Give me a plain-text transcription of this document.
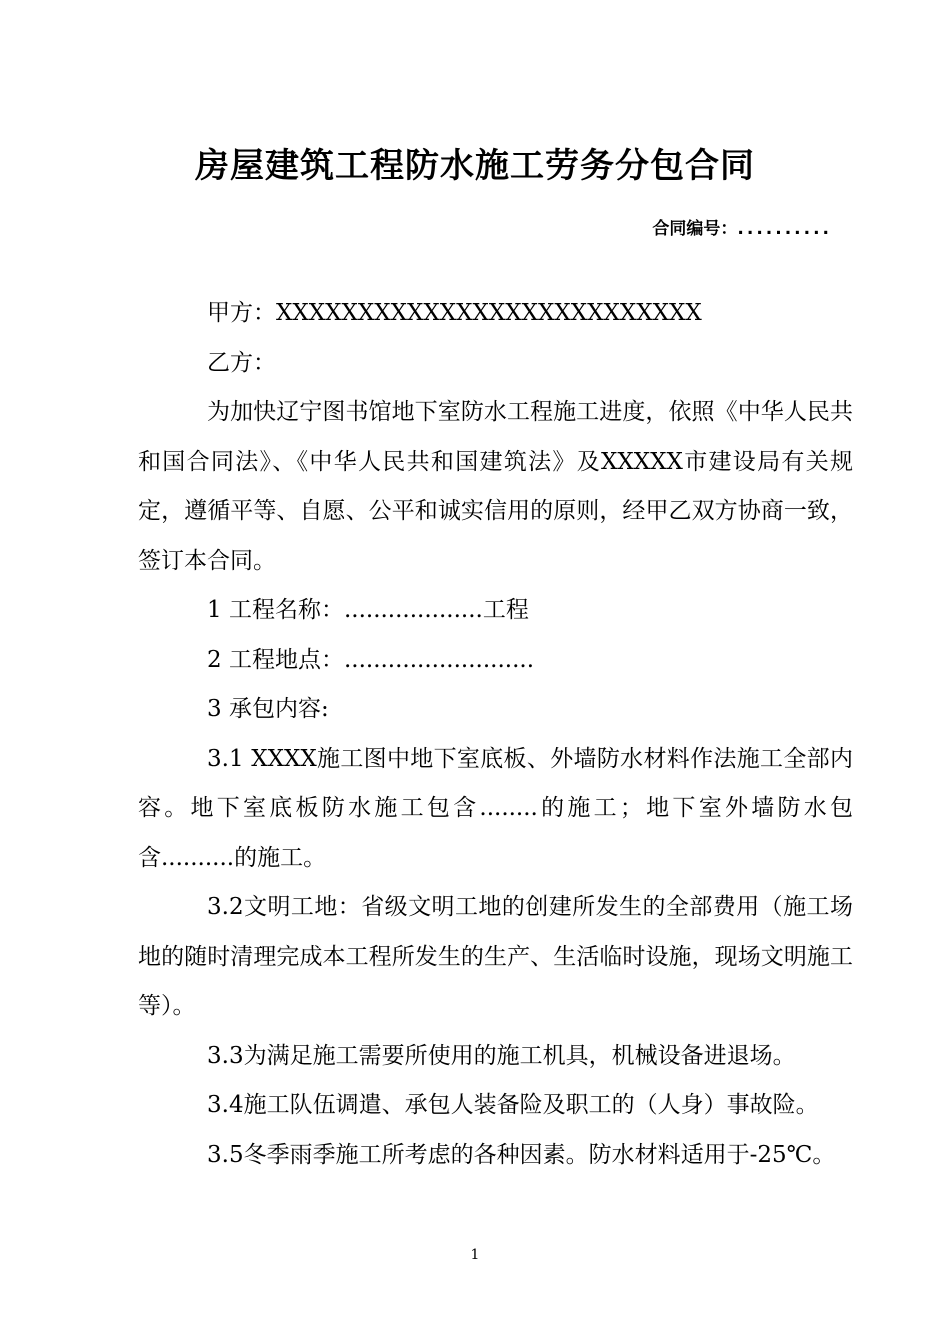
房屋建筑工程防水施工劳务分包合同
合同编号：..........

甲方：XXXXXXXXXXXXXXXXXXXXXXXXXX

乙方：

为加快辽宁图书馆地下室防水工程施工进度，依照《中华人民共和国合同法》、《中华人民共和国建筑法》及XXXXX市建设局有关规定，遵循平等、自愿、公平和诚实信用的原则，经甲乙双方协商一致，签订本合同。

1 工程名称：...................工程

2 工程地点：..........................

3 承包内容:

3.1 XXXX施工图中地下室底板、外墙防水材料作法施工全部内容。地下室底板防水施工包含........的施工；地下室外墙防水包含..........的施工。

3.2文明工地：省级文明工地的创建所发生的全部费用（施工场地的随时清理完成本工程所发生的生产、生活临时设施，现场文明施工等）。

3.3为满足施工需要所使用的施工机具，机械设备进退场。

3.4施工队伍调遣、承包人装备险及职工的（人身）事故险。

3.5冬季雨季施工所考虑的各种因素。防水材料适用于-25℃。

1
